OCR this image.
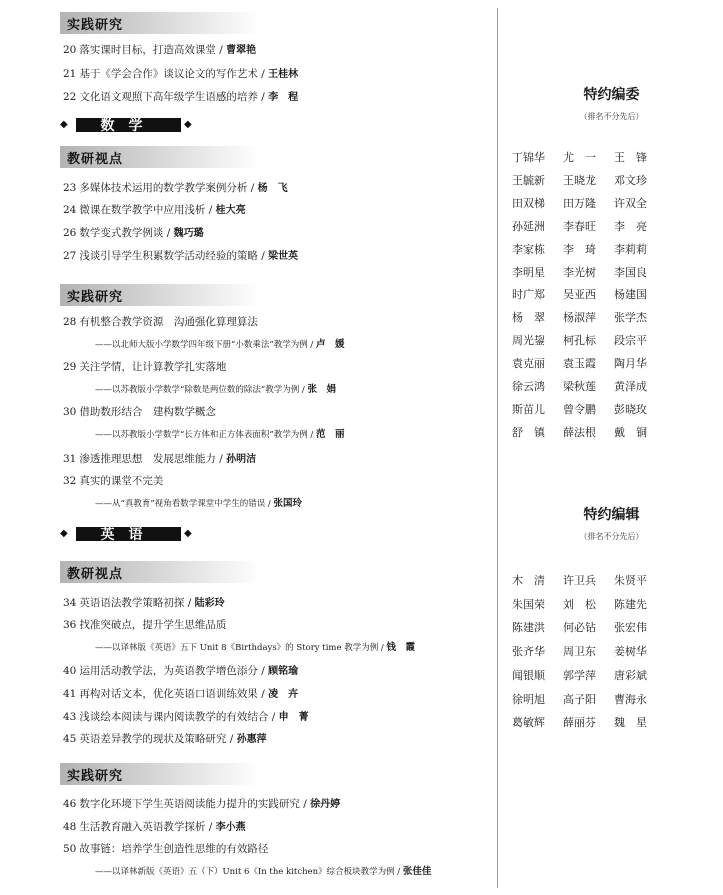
实践研究
20 落实课时目标，打造高效课堂 / 曹翠艳
21 基于《学会合作》谈议论文的写作艺术 / 王桂林
22 文化语文观照下高年级学生语感的培养 / 李　程
◆	数学	◆
教研视点
23 多媒体技术运用的数学教学案例分析 / 杨　飞
24 微课在数学教学中应用浅析 / 桂大亮
26 数学变式教学例谈 / 魏巧璐
27 浅谈引导学生积累数学活动经验的策略 / 梁世英
实践研究
28 有机整合教学资源　沟通强化算理算法
——以北师大版小学数学四年级下册“小数乘法”教学为例 / 卢　媛
29 关注学情，让计算教学扎实落地
——以苏教版小学数学“除数是两位数的除法”教学为例 / 张　娟
30 借助数形结合　建构数学概念
——以苏教版小学数学“长方体和正方体表面积”教学为例 / 范　丽
31 渗透推理思想　发展思维能力 / 孙明洁
32 真实的课堂不完美
——从“真教育”视角看数学课堂中学生的错误 / 张国玲
◆	英语	◆
教研视点
34 英语语法教学策略初探 / 陆彩玲
36 找准突破点，提升学生思维品质
——以译林版《英语》五下 Unit 8《Birthdays》的 Story time 教学为例 / 钱　霞
40 运用活动教学法，为英语教学增色添分 / 顾铭瑜
41 再构对话文本，优化英语口语训练效果 / 凌　卉
43 浅谈绘本阅读与课内阅读教学的有效结合 / 申　菁
45 英语差异教学的现状及策略研究 / 孙惠萍
实践研究
46 数字化环境下学生英语阅读能力提升的实践研究 / 徐丹婷
48 生活教育融入英语教学探析 / 李小燕
50 故事链：培养学生创造性思维的有效路径
——以译林新版《英语》五（下）Unit 6《In the kitchen》综合板块教学为例 / 张佳佳
特约编委
（排名不分先后）
丁锦华 尤　一 王　锋
王毓新 王晓龙 邓文珍
田双梯 田万隆 许双全
孙延洲 李春旺 李　亮
李家栋 李　琦 李莉莉
李明星 李光树 李国良
时广郑 吴亚西 杨建国
杨　翠 杨淑萍 张学杰
周光鋆 柯孔标 段宗平
袁克丽 袁玉霞 陶月华
徐云鸿 梁秋莲 黄泽成
斯苗儿 曾令鹏 彭晓玫
舒　镇 薛法根 戴　铜
特约编辑
（排名不分先后）
木　清 许卫兵 朱贤平
朱国荣 刘　松 陈建先
陈建洪 何必钻 张宏伟
张齐华 周卫东 姜树华
闻银顺 郭学萍 唐彩斌
徐明旭 高子阳 曹海永
葛敏辉 薛丽芬 魏　星
